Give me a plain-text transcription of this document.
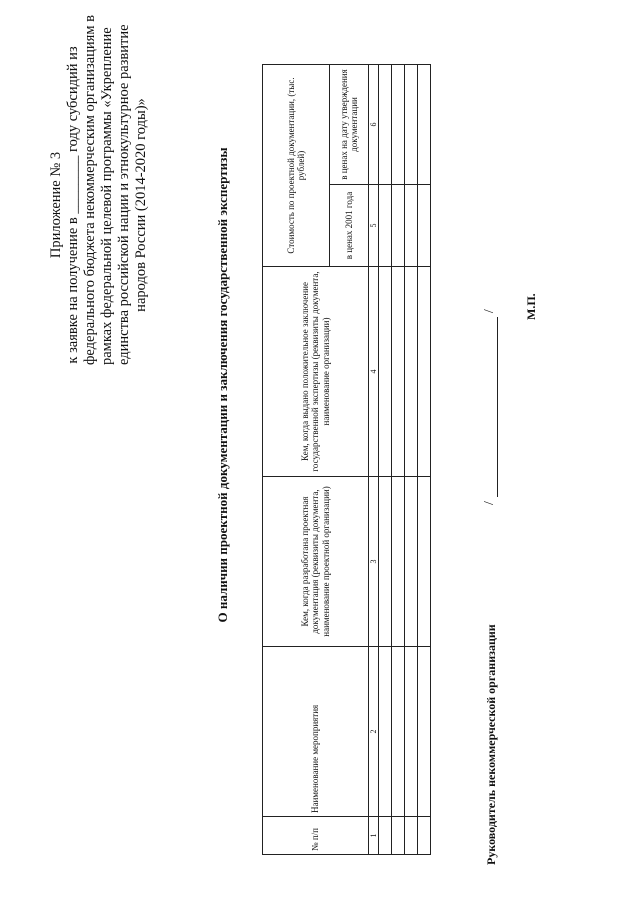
Приложение № 3 к заявке на получение в ________ году субсидий из федерального бюджета некоммерческим организациям в рамках федеральной целевой программы «Укрепление единства российской нации и этнокультурное развитие народов России (2014-2020 годы)»	О наличии проектной документации и заключения государственной экспертизы
№ п/п	Наименование мероприятия	Кем, когда разработана проектная документация (реквизиты документа, наименование проектной организации)	Кем, когда выдано положительное заключение государственной экспертизы (реквизиты документа, наименование организации)	Стоимость по проектной документации, (тыс. рублей)	
				в ценах 2001 года	в ценах на дату утверждения документации
1	2	3	4	5	6

Руководитель некоммерческой организации
// М.П.
